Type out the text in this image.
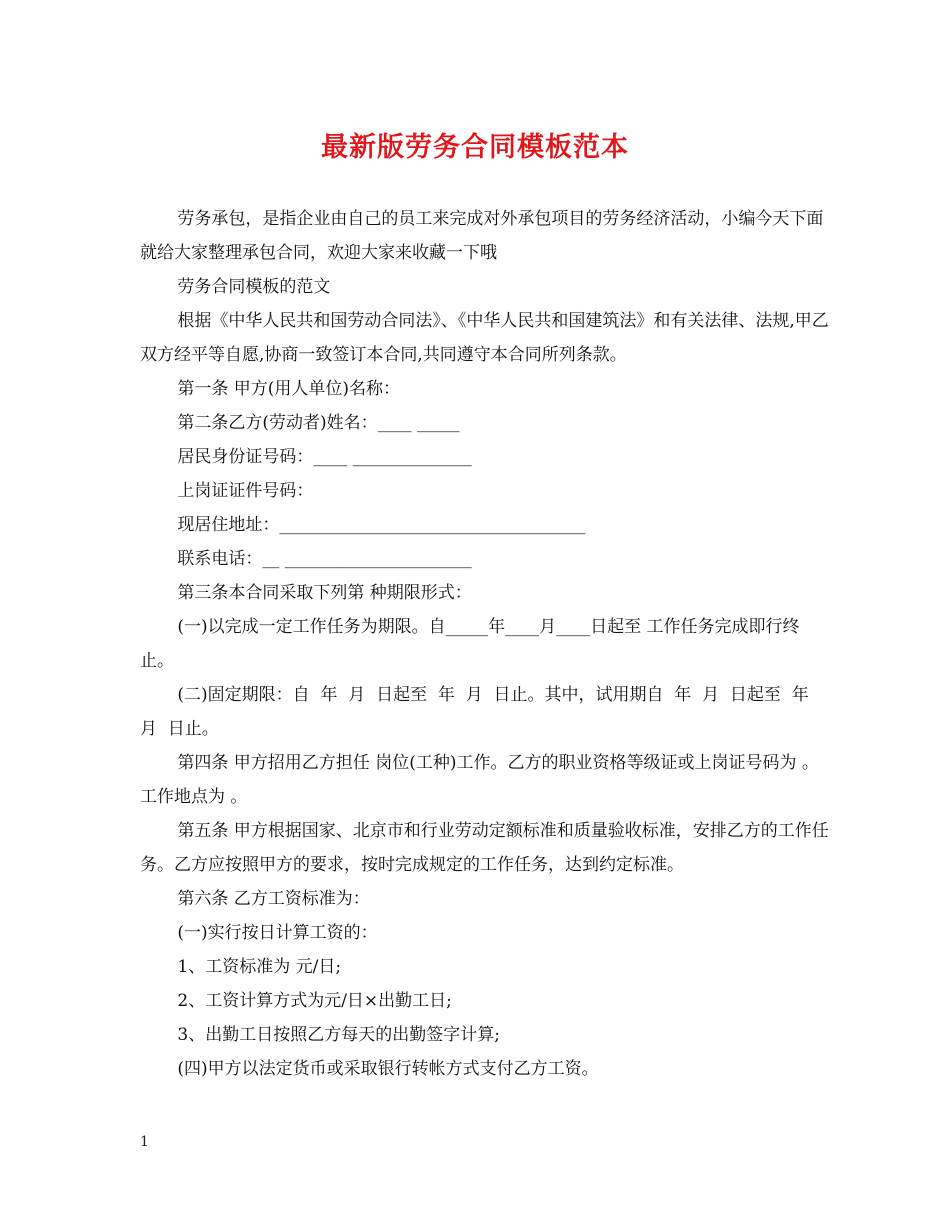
最新版劳务合同模板范本

劳务承包，是指企业由自己的员工来完成对外承包项目的劳务经济活动，小编今天下面就给大家整理承包合同，欢迎大家来收藏一下哦

劳务合同模板的范文

根据《中华人民共和国劳动合同法》、《中华人民共和国建筑法》和有关法律、法规,甲乙双方经平等自愿,协商一致签订本合同,共同遵守本合同所列条款。

第一条 甲方(用人单位)名称：

第二条乙方(劳动者)姓名：____ _____

居民身份证号码：____ ______________

上岗证证件号码：

现居住地址：____________________________________

联系电话：__ ______________________

第三条本合同采取下列第 种期限形式：

(一)以完成一定工作任务为期限。自_____年____月____日起至 工作任务完成即行终止。

(二)固定期限：自  年  月  日起至  年  月  日止。其中，试用期自  年  月  日起至  年  月  日止。

第四条 甲方招用乙方担任 岗位(工种)工作。乙方的职业资格等级证或上岗证号码为 。工作地点为 。

第五条 甲方根据国家、北京市和行业劳动定额标准和质量验收标准，安排乙方的工作任务。乙方应按照甲方的要求，按时完成规定的工作任务，达到约定标准。

第六条 乙方工资标准为：

(一)实行按日计算工资的：

1、工资标准为 元/日;

2、工资计算方式为元/日×出勤工日;

3、出勤工日按照乙方每天的出勤签字计算;

(四)甲方以法定货币或采取银行转帐方式支付乙方工资。

1
